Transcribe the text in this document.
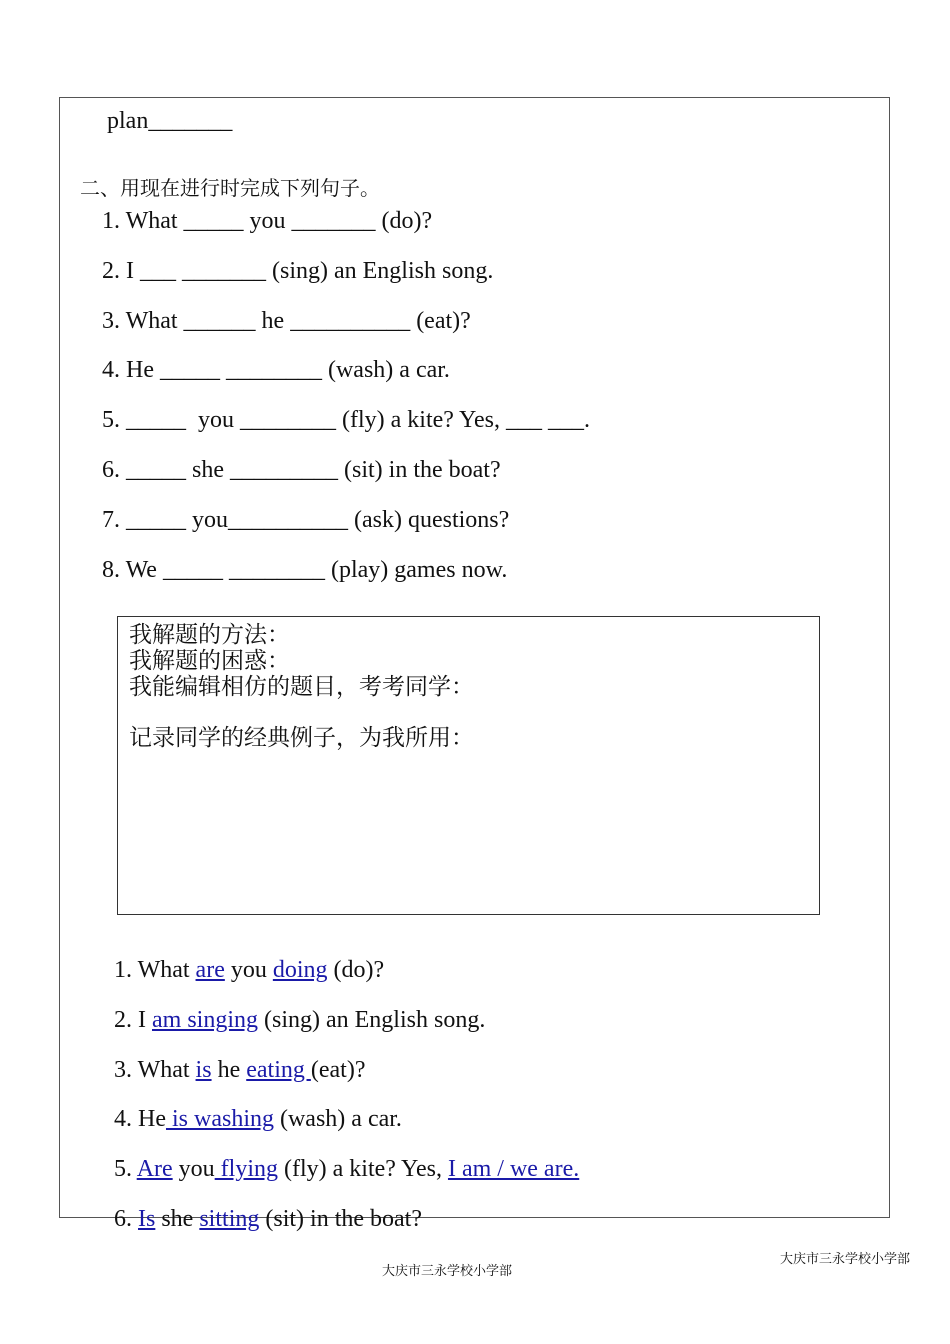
plan_______
二、用现在进行时完成下列句子。
1. What _____ you _______ (do)?
2. I ___ _______ (sing) an English song.
3. What ______ he __________ (eat)?
4. He _____ ________ (wash) a car.
5. _____  you ________ (fly) a kite? Yes, ___ ___.
6. _____ she _________ (sit) in the boat?
7. _____ you__________ (ask) questions?
8. We _____ ________ (play) games now.
我解题的方法：
我解题的困惑：
我能编辑相仿的题目，考考同学：
记录同学的经典例子，为我所用：

1. What are you doing (do)?

2. I am singing (sing) an English song.

3. What is he eating (eat)?

4. He is washing (wash) a car.

5. Are you flying (fly) a kite? Yes, I am / we are.

6. Is she sitting (sit) in the boat?

大庆市三永学校小学部
大庆市三永学校小学部
